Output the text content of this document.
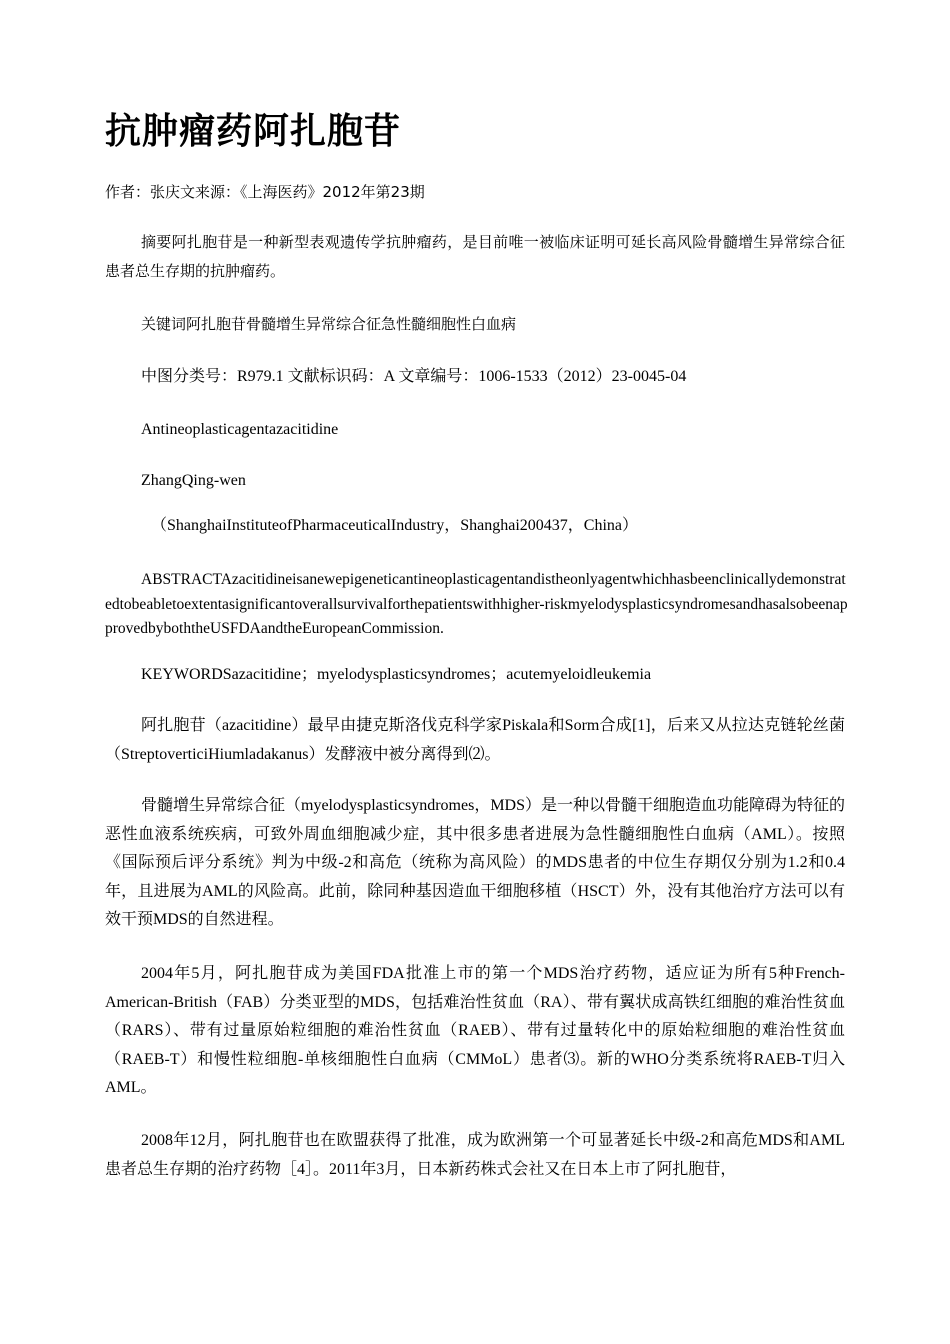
抗肿瘤药阿扎胞苷
作者：张庆文来源：《上海医药》2012年第23期

摘要阿扎胞苷是一种新型表观遗传学抗肿瘤药，是目前唯一被临床证明可延长高风险骨髓增生异常综合征患者总生存期的抗肿瘤药。

关键词阿扎胞苷骨髓增生异常综合征急性髓细胞性白血病

中图分类号：R979.1 文献标识码：A 文章编号：1006-1533（2012）23-0045-04

Antineoplasticagentazacitidine

ZhangQing-wen

（ShanghaiInstituteofPharmaceuticalIndustry，Shanghai200437，China）

ABSTRACTAzacitidineisanewepigeneticantineoplasticagentandistheonlyagentwhichhasbeenclinicallydemonstratedtobeabletoextentasignificantoverallsurvivalforthepatientswithhigher-riskmyelodysplasticsyndromesandhasalsobeenapprovedbyboththeUSFDAandtheEuropeanCommission.

KEYWORDSazacitidine；myelodysplasticsyndromes；acutemyeloidleukemia

阿扎胞苷（azacitidine）最早由捷克斯洛伐克科学家Piskala和Sorm合成[1]，后来又从拉达克链轮丝菌（StreptoverticiHiumladakanus）发酵液中被分离得到⑵。

骨髓增生异常综合征（myelodysplasticsyndromes，MDS）是一种以骨髓干细胞造血功能障碍为特征的恶性血液系统疾病，可致外周血细胞减少症，其中很多患者进展为急性髓细胞性白血病（AML）。按照《国际预后评分系统》判为中级-2和高危（统称为高风险）的MDS患者的中位生存期仅分别为1.2和0.4年，且进展为AML的风险高。此前，除同种基因造血干细胞移植（HSCT）外，没有其他治疗方法可以有效干预MDS的自然进程。

2004年5月，阿扎胞苷成为美国FDA批准上市的第一个MDS治疗药物，适应证为所有5种French-American-British（FAB）分类亚型的MDS，包括难治性贫血（RA）、带有翼状成高铁红细胞的难治性贫血（RARS）、带有过量原始粒细胞的难治性贫血（RAEB）、带有过量转化中的原始粒细胞的难治性贫血（RAEB-T）和慢性粒细胞-单核细胞性白血病（CMMoL）患者⑶。新的WHO分类系统将RAEB-T归入AML。

2008年12月，阿扎胞苷也在欧盟获得了批准，成为欧洲第一个可显著延长中级-2和高危MDS和AML患者总生存期的治疗药物［4］。2011年3月，日本新药株式会社又在日本上市了阿扎胞苷，
